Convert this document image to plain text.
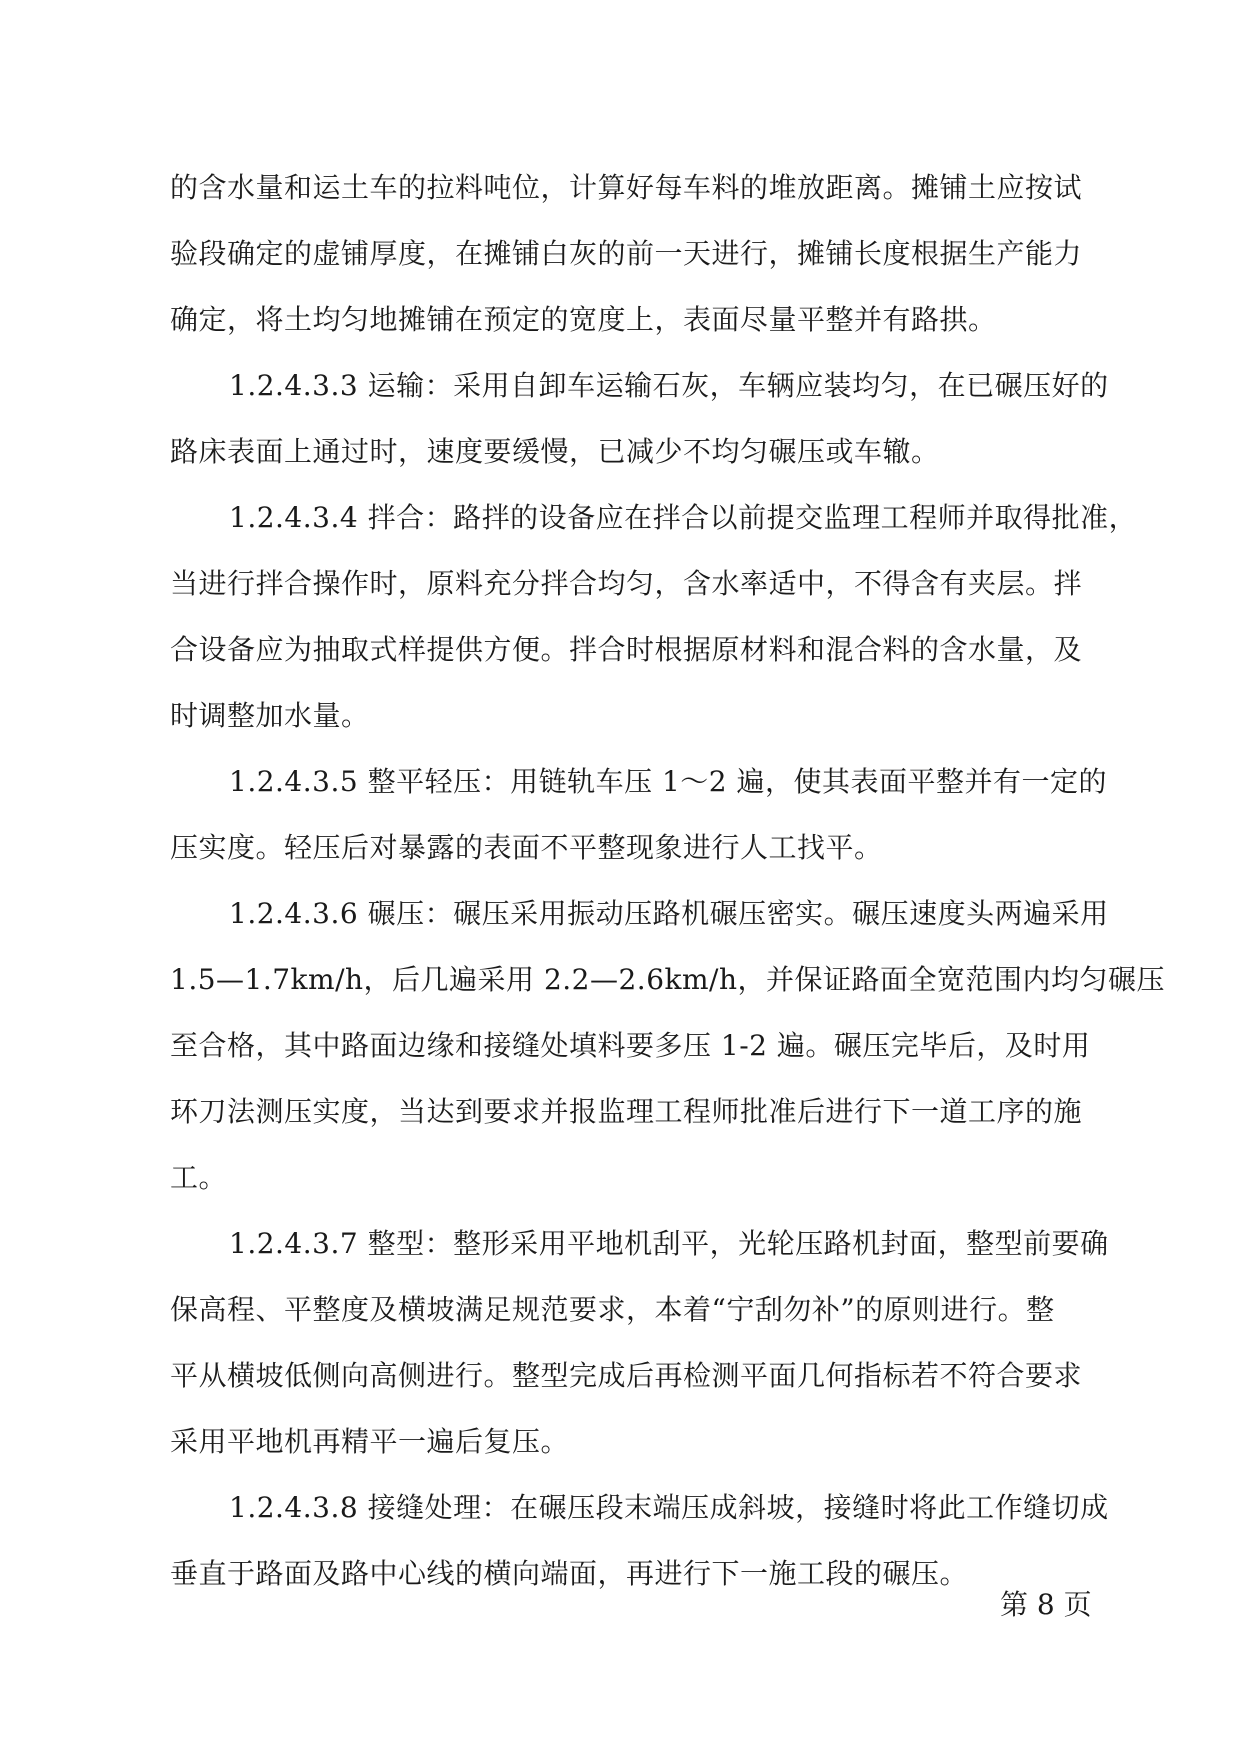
的含水量和运土车的拉料吨位，计算好每车料的堆放距离。摊铺土应按试
验段确定的虚铺厚度，在摊铺白灰的前一天进行，摊铺长度根据生产能力
确定，将土均匀地摊铺在预定的宽度上，表面尽量平整并有路拱。
1.2.4.3.3 运输：采用自卸车运输石灰，车辆应装均匀，在已碾压好的
路床表面上通过时，速度要缓慢，已减少不均匀碾压或车辙。
1.2.4.3.4 拌合：路拌的设备应在拌合以前提交监理工程师并取得批准，
当进行拌合操作时，原料充分拌合均匀，含水率适中，不得含有夹层。拌
合设备应为抽取式样提供方便。拌合时根据原材料和混合料的含水量，及
时调整加水量。
1.2.4.3.5 整平轻压：用链轨车压 1～2 遍，使其表面平整并有一定的
压实度。轻压后对暴露的表面不平整现象进行人工找平。
1.2.4.3.6 碾压：碾压采用振动压路机碾压密实。碾压速度头两遍采用
1.5—1.7km/h，后几遍采用 2.2—2.6km/h，并保证路面全宽范围内均匀碾压
至合格，其中路面边缘和接缝处填料要多压 1-2 遍。碾压完毕后，及时用
环刀法测压实度，当达到要求并报监理工程师批准后进行下一道工序的施
工。
1.2.4.3.7 整型：整形采用平地机刮平，光轮压路机封面，整型前要确
保高程、平整度及横坡满足规范要求，本着“宁刮勿补”的原则进行。整
平从横坡低侧向高侧进行。整型完成后再检测平面几何指标若不符合要求
采用平地机再精平一遍后复压。
1.2.4.3.8 接缝处理：在碾压段末端压成斜坡，接缝时将此工作缝切成
垂直于路面及路中心线的横向端面，再进行下一施工段的碾压。
第 8 页
